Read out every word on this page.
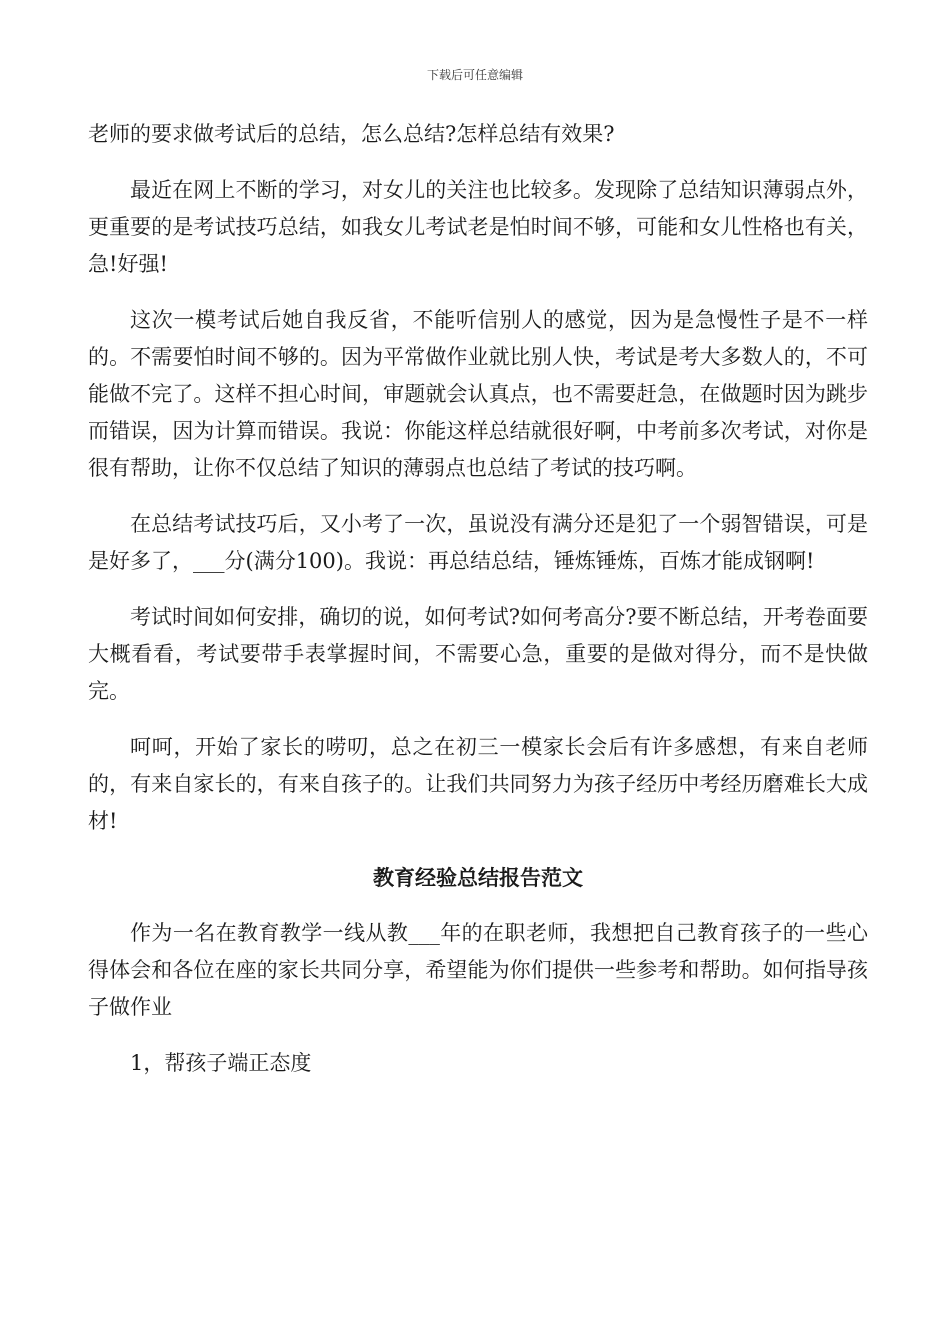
下载后可任意编辑

老师的要求做考试后的总结，怎么总结?怎样总结有效果?

最近在网上不断的学习，对女儿的关注也比较多。发现除了总结知识薄弱点外，更重要的是考试技巧总结，如我女儿考试老是怕时间不够，可能和女儿性格也有关，急!好强!

这次一模考试后她自我反省，不能听信别人的感觉，因为是急慢性子是不一样的。不需要怕时间不够的。因为平常做作业就比别人快，考试是考大多数人的，不可能做不完了。这样不担心时间，审题就会认真点，也不需要赶急，在做题时因为跳步而错误，因为计算而错误。我说：你能这样总结就很好啊，中考前多次考试，对你是很有帮助，让你不仅总结了知识的薄弱点也总结了考试的技巧啊。

在总结考试技巧后，又小考了一次，虽说没有满分还是犯了一个弱智错误，可是是好多了，___分(满分100)。我说：再总结总结，锤炼锤炼，百炼才能成钢啊!

考试时间如何安排，确切的说，如何考试?如何考高分?要不断总结，开考卷面要大概看看，考试要带手表掌握时间，不需要心急，重要的是做对得分，而不是快做完。

呵呵，开始了家长的唠叨，总之在初三一模家长会后有许多感想，有来自老师的，有来自家长的，有来自孩子的。让我们共同努力为孩子经历中考经历磨难长大成材!

教育经验总结报告范文

作为一名在教育教学一线从教___年的在职老师，我想把自己教育孩子的一些心得体会和各位在座的家长共同分享，希望能为你们提供一些参考和帮助。如何指导孩子做作业

1，帮孩子端正态度
